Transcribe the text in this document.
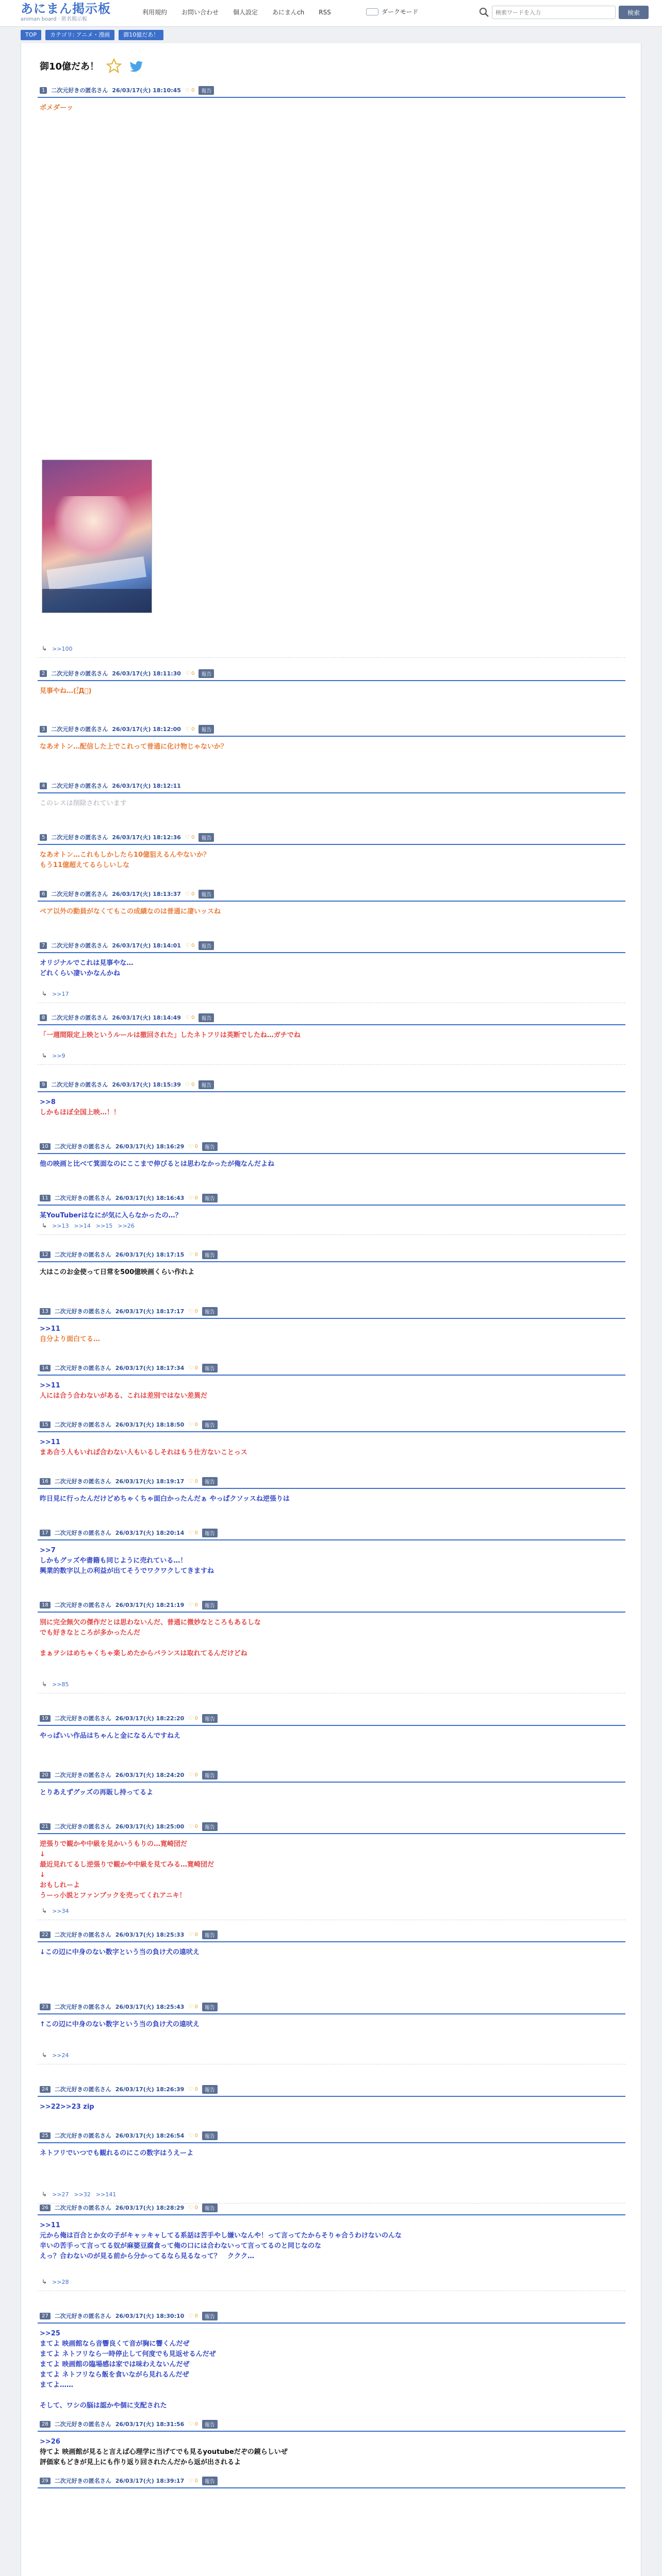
あにまん掲示板
animan board · 匿名掲示板
利用規約	お問い合わせ	個人設定	あにまんch	RSS	ダークモード
検索ワードを入力	検索
TOP	カテゴリ: アニメ・漫画	御10億だあ！
御10億だあ！
1	二次元好きの匿名さん 26/03/17(火) 18:10:45 ♡ 0	報告
ポメダーッ
↳ >>100
2	二次元好きの匿名さん 26/03/17(火) 18:11:30 ♡ 0	報告
見事やね…(;゚Д゚)
3	二次元好きの匿名さん 26/03/17(火) 18:12:00 ♡ 0	報告
なあオトン…配信した上でこれって普通に化け物じゃないか？
4	二次元好きの匿名さん 26/03/17(火) 18:12:11
このレスは削除されています
5	二次元好きの匿名さん 26/03/17(火) 18:12:36 ♡ 0	報告
なあオトン…これもしかしたら10億狙えるんやないか？
もう11億超えてるらしいしな
6	二次元好きの匿名さん 26/03/17(火) 18:13:37 ♡ 0	報告
ペア以外の動員がなくてもこの成績なのは普通に凄いッスね
7	二次元好きの匿名さん 26/03/17(火) 18:14:01 ♡ 0	報告
オリジナルでこれは見事やな…
どれくらい凄いかなんかね
↳ >>17
8	二次元好きの匿名さん 26/03/17(火) 18:14:49 ♡ 0	報告
「一週間限定上映というルールは撤回された」したネトフリは英断でしたね…ガチでね
↳ >>9
9	二次元好きの匿名さん 26/03/17(火) 18:15:39 ♡ 0	報告
>>8
しかもほぼ全国上映…！！
10	二次元好きの匿名さん 26/03/17(火) 18:16:29 ♡ 0	報告
他の映画と比べて箕面なのにここまで伸びるとは思わなかったが俺なんだよね
11	二次元好きの匿名さん 26/03/17(火) 18:16:43 ♡ 0	報告
某YouTuberはなにが気に入らなかったの…？
↳ >>13 >>14 >>15 >>26
12	二次元好きの匿名さん 26/03/17(火) 18:17:15 ♡ 0	報告
大はこのお金使って日常を500億映画くらい作れよ
13	二次元好きの匿名さん 26/03/17(火) 18:17:17 ♡ 0	報告
>>11
自分より面白てる…
14	二次元好きの匿名さん 26/03/17(火) 18:17:34 ♡ 0	報告
>>11
人には合う合わないがある、これは差別ではない差異だ
15	二次元好きの匿名さん 26/03/17(火) 18:18:50 ♡ 0	報告
>>11
まあ合う人もいれば合わない人もいるしそれはもう仕方ないことっス
16	二次元好きの匿名さん 26/03/17(火) 18:19:17 ♡ 0	報告
昨日見に行ったんだけどめちゃくちゃ面白かったんだぁ やっぱクソッスね逆張りは
17	二次元好きの匿名さん 26/03/17(火) 18:20:14 ♡ 0	報告
>>7
しかもグッズや書籍も同じように売れている…！
興業的数字以上の利益が出てそうでワクワクしてきますね
18	二次元好きの匿名さん 26/03/17(火) 18:21:19 ♡ 0	報告
別に完全無欠の傑作だとは思わないんだ、普通に微妙なところもあるしな
でも好きなところが多かったんだ

まぁヲシはめちゃくちゃ楽しめたからバランスは取れてるんだけどね
↳ >>85
19	二次元好きの匿名さん 26/03/17(火) 18:22:20 ♡ 0	報告
やっぱいい作品はちゃんと金になるんですねえ
20	二次元好きの匿名さん 26/03/17(火) 18:24:20 ♡ 0	報告
とりあえずグッズの再販し持ってるよ
21	二次元好きの匿名さん 26/03/17(火) 18:25:00 ♡ 0	報告
逆張りで観かや中級を見かいうもりの…寛崎団だ
↓
最近見れてるし逆張りで観かや中級を見てみる…寛崎団だ
↓
おもしれーよ
うーっ小説とファンブックを売ってくれアニキ！
↳ >>34
22	二次元好きの匿名さん 26/03/17(火) 18:25:33 ♡ 0	報告
↓この辺に中身のない数字という当の負け犬の遠吠え
23	二次元好きの匿名さん 26/03/17(火) 18:25:43 ♡ 0	報告
↑この辺に中身のない数字という当の負け犬の遠吠え
↳ >>24
24	二次元好きの匿名さん 26/03/17(火) 18:26:39 ♡ 0	報告
>>22>>23 zip
25	二次元好きの匿名さん 26/03/17(火) 18:26:54 ♡ 0	報告
ネトフリでいつでも観れるのにこの数字はうえーよ
↳ >>27 >>32 >>141
26	二次元好きの匿名さん 26/03/17(火) 18:28:29 ♡ 0	報告
>>11
元から俺は百合とか女の子がキャッキャしてる系話は苦手やし嫌いなんや！って言ってたからそりゃ合うわけないのんな
辛いの苦手って言ってる奴が麻婆豆腐食って俺の口には合わないって言ってるのと同じなのな
えっ？合わないのが見る前から分かってるなら見るなって？　ククク…
↳ >>28
27	二次元好きの匿名さん 26/03/17(火) 18:30:10 ♡ 0	報告
>>25
まてよ 映画館なら音響良くて音が胸に響くんだぜ
まてよ ネトフリなら一時停止して何度でも見返せるんだぜ
まてよ 映画館の臨場感は家では味わえないんだぜ
まてよ ネトフリなら飯を食いながら見れるんだぜ
まてよ……

そして、ワシの脳は認かや個に支配された
28	二次元好きの匿名さん 26/03/17(火) 18:31:56 ♡ 0	報告
>>26
待てよ 映画館が見ると言えば心理学に当げてでも見るyoutubeだぞの鏡らしいぜ
評価家もどきが見上にも作り返り回されたんだから返が出されるよ
29	二次元好きの匿名さん 26/03/17(火) 18:39:17 ♡ 0	報告
